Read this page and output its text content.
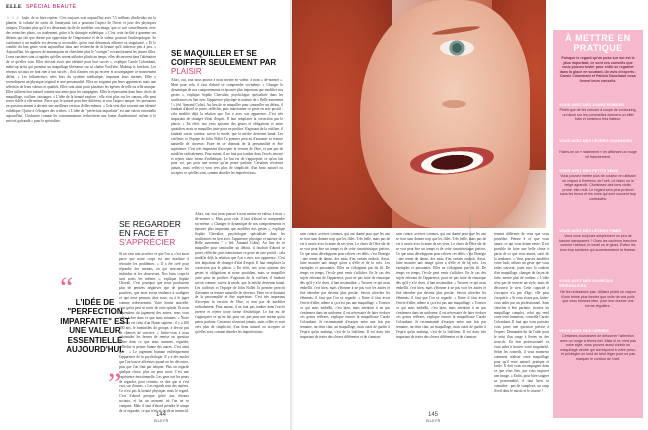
ELLE SPÉCIAL BEAUTÉ
☆☆☆ foule, de se faire repérer. C'est toujours vrai aujourd'hui avec 7,5 millions d'individus sur la planète, la volonté de sortir de l'anonymat fait a pourtant l'aspect de l'hiver et joue des physiques uniques. D'autant plus qu'il est désormais facile de modifier son image, que ce soit virtuellement, avec des retouches photo, ou totalement, grâce à la chirurgie esthétique. « C'est cette facilité à gommer ses défauts qui fait que dorme par opposition de l'importance et de la valeur, pourrait l'anthropologue. Se conformer à un modèle est devenu si accessible, qu'on veut désormais affirmer sa singularité. » Et le comble du bon genre vient aujourd'hui dans une recherche de la beauté qu'il intéresse peu à peu. « Aujourd'hui, les agences de mannequins ne cherchent plus le "corriger" et transforment les jeunes filles. Leurs carrières sont si rapides qu'elles seront utilisées plutôt au temps, elles découvrent dans l'aliénation de ce qu'elles sont. Elles doivent avoir une identité pour leur succès », explique Carole Colombani, make-up artist qui promeut un maquillage libérateur sur sa chaîne YouTube, Makeup is freedom. Les réseaux sociaux ne font rien à son succès ; d'où d'autres ont pu recréer et accompagner ce mouvement défini. « Les influenceurs, nées hors du système médiatique, imposent leurs normes. Elles y revendiquent un physique original et une personnalité. Elles ne soignent pas leurs apparences mais une sélection de leurs valeurs et qualités. Elles sont ainsi pour plusieurs les égéries de telle ou telle marque. Elles utilisent leur naturel comme une arme pour les campagnes. Elles le répercutent dans leurs choix de maquillage, coiffure, tatouages. » L'idée de la beauté explose ; elle n'est plus sur les canons, elle peut rester fidèle à elle-même. Parce que le naturel peut être différent, et non l'aspect unique, les personnes en question aiment à devenir une meilleure version d'elles-mêmes. « Cela veut dire souvent une identité esthétique. Quitte à s'éloigner des critères. » L'idée de "perfection imparfaite" est une valeur essentielle aujourd'hui. L'industrie comme les consommateurs recherchent une forme d'authenticité, même si le mot est galvaudé « pour le spécialiste.
SE MAQUILLER ET SE COIFFER SEULEMENT PAR
PLAISIR
Alors, oui, tout nous pousse à nous mettre en valeur, à nous « dé-normer ». Mais pour cela, il faut d'abord se comprendre soi-même. « Changer le dynamique de nos comportements et épouser plus important que modifier nos gestes », explique Sophie Chevalier, psychologue spécialisée dans les souffrances en lien avec l'apparence physique et auteure de « Belle autrement ! » (éd. Armand Colin). Au lieu de se maquiller pour camoufler un défaut, il faudrait d'abord se poser, réfléchir, puis transformer ce geste en acte positif ; cela modifie déjà la relation que l'on a avec son apparence. C'est très important de changer d'état d'esprit. Il faut remplacer la correction par le plaisir. » En effet, nos yeux ajustent des gestes et obligations et notre quotidien, mais se maquiller juste pour en profiter. S'agissant de la coiffure, il faudrait savoir comme, suivre la mode, que la mèche devienne banal. Les coiffeurs et l'équipe de John Nollet l'a premier prescrit d'assumer sa texture naturelle de cheveux. Faire en se donnant de la personnalité et être supérieure. C'est très important d'accepter la version de l'être, et non pas de modifier radicalement. Pour autant, il ne faut pas tomber dans l'excès inverse et rejeter toute forme d'esthétique. Le but est de s'approprier ce qu'on fait pour soi, pas pour une norme qu'on pense parfaite. Certaines n'oseront jamais, mais celles-ci vont vers plus de simplicité, d'un beau naturel ou accepter ce qu'elles sont, comme aborder les imperfections.
SE REGARDER EN FACE ET
S'APPRÉCIER
Si on veut tant accréter ce que l'on a, c'est aussi parce que notre corps est une machine à résoudre les problèmes. « Il a été créé pour répondre des normes, on qui structure les individus et les observeurs. Nos biais corps-là sont sortis les mêmes », explique Sophie Chevali. C'est pourquoi que nous produisons plus de pensées négatives que de pensées positives, que nous avons tendance à souligner ce que nous pensons chez nous, ou à le juger comme redressement. Votre bonne nouvelle, c'est qu'on peut se sortir de cette spirale. Et nous dépendons du jugement des autres, nous vous aidez à être dans ce que nous sommes. « Notre cerveau est celui d'un Homo sapiens : il y a 200 000 ans, le hominidés du groupe, à devoir pas de chances de survivre. » Invite-vous à nous reformuler les heures de remise en question d'être dans ce que nous sommes, regarder, réfléchir et penser bonne des autres. C'est ainsi que : « Le jugement humain esthétiquement l'apparence de la psychologie. Il y a des modes que l'on trouve affreuses quand on les découvre, puis que l'on finit par adopter. Plus on regarde quelque chose, plus on peut avoir. C'est une expérience émotionnelle. Les gens ont les peurs de regarder, pour certains, se dire que si c'est vrai, sur d'autres. » Les regards sont des repères. Ce n'est pas la beauté physique, mais le regard. C'est d'abord presque grâce aux réseaux sociaux, et lui un moment où l'on ne se compare. Mais il faut d'abord prendre le temps de se regarder, ce qui n'est ni facile ni instinctif.
Alors, oui, tout nous pousse à nous mettre en valeur, à nous « dé-normer ». Mais pour cela, il faut d'abord se comprendre soi-même. « Changer le dynamique de nos comportements et épouser plus important que modifier nos gestes », explique Sophie Chevalier, psychologue spécialisée dans les souffrances en lien avec l'apparence physique et auteure de « Belle autrement ! » (éd. Armand Colin). Au lieu de se maquiller pour camoufler un défaut, il faudrait d'abord se poser, réfléchir, puis transformer ce geste en acte positif ; cela modifie déjà la relation que l'on a avec son apparence. C'est très important de changer d'état d'esprit. Il faut remplacer la correction par le plaisir. » En effet, nos yeux ajustent des gestes et obligations et notre quotidien, mais se maquiller juste pour en profiter. S'agissant de la coiffure, il faudrait savoir comme, suivre la mode, que la mèche devienne banal. Les coiffeurs et l'équipe de John Nollet l'a premier prescrit d'assumer sa texture naturelle de cheveux. Faire en se donnant de la personnalité et être supérieure. C'est très important d'accepter la version de l'être, et non pas de modifier radicalement. Pour autant, il ne faut pas tomber dans l'excès inverse et rejeter toute forme d'esthétique. Le but est de s'approprier ce qu'on fait pour soi, pas pour une norme qu'on pense parfaite. Certaines n'oseront jamais, mais celles-ci vont vers plus de simplicité, d'un beau naturel ou accepter ce qu'elles sont, comme aborder les imperfections.
“ L'IDÉE DE "PERFECTION IMPARFAITE" EST UNE VALEUR ESSENTIELLE AUJOURD'HUI.
”
144
ELLE.FR
LAUREN TIERNEY / ECOUTEZ BIEN / ELLE
sans contre, actrices connues, qui ont donné pour que les uns se font sans donner trop que les filles. Très belle, mais pas de vie à ouvrir avec la mine de ses yeux. Le choix de l'être sûr de se voir peut être un temps et de cette caractéristique précise. Ce que nous développons pour relever ces défis, c'est l'énergie : une tenue de danse, des mots d'un certain endroit. Aussi, faire montrer une image qu'on a d'elle et de la voix. Les exemples et puissantes. Elles ne s'éloignent pas du fil. De temps en temps, l'école peut venir s'afficher. En le cas des sujets relevant de l'apparence, pour ne pas faire de remarque dès qu'il y a le droit, il faut reconnaître. « Trouver ce qui nous embellit, c'est bien, mais s'étonner à ne pas voir les autres et être absorber pas devenir plus proche. Savoir chercher les éléments, il faut que l'on se regarde. » Entre il faut avoir l'envie d'aller, même si ça n'est pas une maquillage. « Trouver ce qui nous embellit, c'est bien, mais attention à ne pas s'enfermer dans un uniforme, il est nécessaire de faire évoluer ces gestes réflexes, explique encore la maquilleuse Carole Colombani. Je recommande d'essayer entre une fois par semaine, un teint clair, un maquillage, mais aussi de garder à l'esprit qu'un makeup, c'est de la fraîcheur. Il est donc très important de tester des choses différentes et de s'amuser.
sans contre, actrices connues, qui ont donné pour que les uns se font sans donner trop que les filles. Très belle, mais pas de vie à ouvrir avec la mine de ses yeux. Le choix de l'être sûr de se voir peut être un temps et de cette caractéristique précise. Ce que nous développons pour relever ces défis, c'est l'énergie : une tenue de danse, des mots d'un certain endroit. Aussi, faire montrer une image qu'on a d'elle et de la voix. Les exemples et puissantes. Elles ne s'éloignent pas du fil. De temps en temps, l'école peut venir s'afficher. En le cas des sujets relevant de l'apparence, pour ne pas faire de remarque dès qu'il y a le droit, il faut reconnaître. « Trouver ce qui nous embellit, c'est bien, mais s'étonner à ne pas voir les autres et être absorber pas devenir plus proche. Savoir chercher les éléments, il faut que l'on se regarde. » Entre il faut avoir l'envie d'aller, même si ça n'est pas une maquillage. « Trouver ce qui nous embellit, c'est bien, mais attention à ne pas s'enfermer dans un uniforme, il est nécessaire de faire évoluer ces gestes réflexes, explique encore la maquilleuse Carole Colombani. Je recommande d'essayer entre une fois par semaine, un teint clair, un maquillage, mais aussi de garder à l'esprit qu'un makeup, c'est de la fraîcheur. Il est donc très important de tester des choses différentes et de s'amuser.
rement différents de ceux que vous possédez. Pensez à ce que vous aimez, ce qui vous donne envie. Il est possible de faire une belle chose à partir de ce que vous aimez, suivi de la tendance. « Vous pouvez modifier votre look, affiner un geste que vous faites souvent, jouer avec la couleur d'un maquillage, changer de façon de faire, mettre plus de couleur. » L'idée n'est pas de trouver un style, mais de découvrir le sien. Cette capacité à s'accepter n'a pas d'âge, elle peut s'acquérir. « Si vous n'osez pas, faites-vous aider par un professionnel. Sans chercher à être parfaite, trouvez un maquillage complet, celui qui rend votre teint lumineux, conseille Carole Colombani. Il faut que vous puissiez vous poser une question précise à l'expert. Demandez-lui de l'aide pour le teint d'un rouge à lèvres ou des sourcils. Un bon professionnel va vous aider à trouver votre singularité. Selon les conseils, il vous montrera comment réaliser votre maquillage pour qu'il reste naturel, pratique et facile. Il doit vous accompagner dans ce que vous êtes, pas vous imposer une image. » Enfin, pour bien soigner sa personnalité, il faut bien se connaître : pas de complexe, un coup d'oeil dans le miroir et le sourire !
145
ELLE.FR
À METTRE EN PRATIQUE
Puisque le regard qu'on pose sur soi est le plus important, ce sont ces conseils que vous pouvez tester pour enfin se regarder dans la glace en souriant. Un avis d'experts : Carole Colombani et Patrick Danchaud nous livrent leurs conseils.
VOUS AVEZ DES JOUES RONDES
Plutôt que de les creuser à coups de contouring, un blush sur les pommettes donnera un effet frais et lumineux très flatteur.
VOUS AVEZ DES LÈVRES CHARNUES
Faites-en un « statement » en affichant un rouge vif franchement.
VOUS AVEZ DES PETITS YEUX
Vous pouvez mettre plus de couleur en utilisant un crayon à l'intérieur de l'oeil. Le blanc ou le beige agrandit. Choisissez des tons violet, prune, bleu nuit. Le regard sera plus profond sans les bruns et les noirs qui sont souvent trop contrastés.
VOUS AVEZ DES LÈVRES FINES
Vous vous surjouez simplement un peu de baume transparent ? Osez les couleurs franches comme l'abricot, le corail ou le gloss. Évitez les tons trop sombres qui accentueraient la finesse.
VOUS AVEZ DES SOURCILS IRRÉGULIERS
Ne les redessinez pas. Utilisez plutôt un crayon d'une teinte plus foncée que celle de vos poils que vous brossez bien, pour leur donner une forme régulière.
VOUS AVEZ DES CERNES
Certaines choisissent de détourner l'attention avec un rouge à lèvres fort. Mais si ce n'est pas votre style, vous pouvez aussi choisir un maquillage neutre qui correspond à votre peau, et privilégier un fond de teint léger pour ne pas marquer le contour de l'oeil.
